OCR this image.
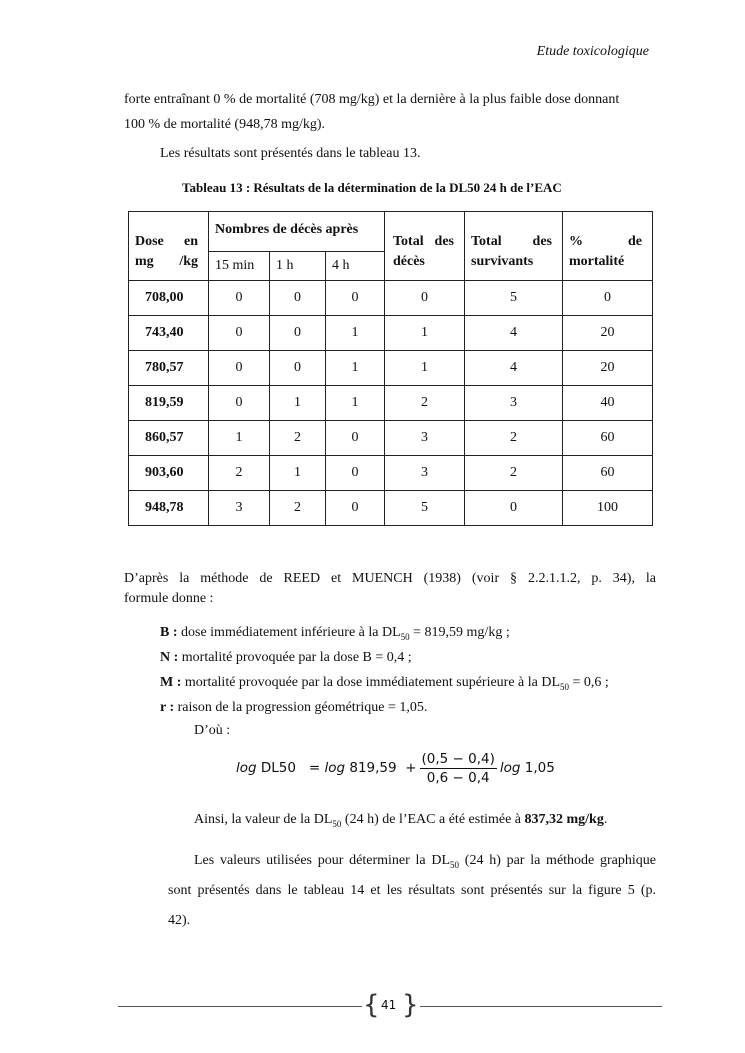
Etude toxicologique
forte entraînant 0 % de mortalité (708 mg/kg) et la dernière à la plus faible dose donnant
100 % de mortalité (948,78 mg/kg).
Les résultats sont présentés dans le tableau 13.
Tableau 13 : Résultats de la détermination de la DL50 24 h de l’EAC
Dose en mg /kg	Nombres de décès après			Total des décès	Total des survivants	% de mortalité
	15 min	1 h	4 h			
708,00	0	0	0	0	5	0
743,40	0	0	1	1	4	20
780,57	0	0	1	1	4	20
819,59	0	1	1	2	3	40
860,57	1	2	0	3	2	60
903,60	2	1	0	3	2	60
948,78	3	2	0	5	0	100
D’après la méthode de REED et MUENCH (1938) (voir § 2.2.1.1.2, p. 34), la
formule donne :
B : dose immédiatement inférieure à la $DL_{50} = 819,59$ mg/kg ;
N : mortalité provoquée par la dose B = 0,4 ;
M : mortalité provoquée par la dose immédiatement supérieure à la $DL_{50} = 0,6$ ;
r : raison de la progression géométrique = 1,05.
D’où :
log
DL50
=
log
819,59
+ $\frac{(0,5 - 0,4)}{0,6 - 0,4}$ log
1,05
Ainsi, la valeur de la $DL_{50}$ (24 h) de l’EAC a été estimée à 837,32 mg/kg.
Les valeurs utilisées pour déterminer la $DL_{50}$ (24 h) par la méthode graphique
sont présentés dans le tableau 14 et les résultats sont présentés sur la figure 5 (p.
42).
{ }
41
